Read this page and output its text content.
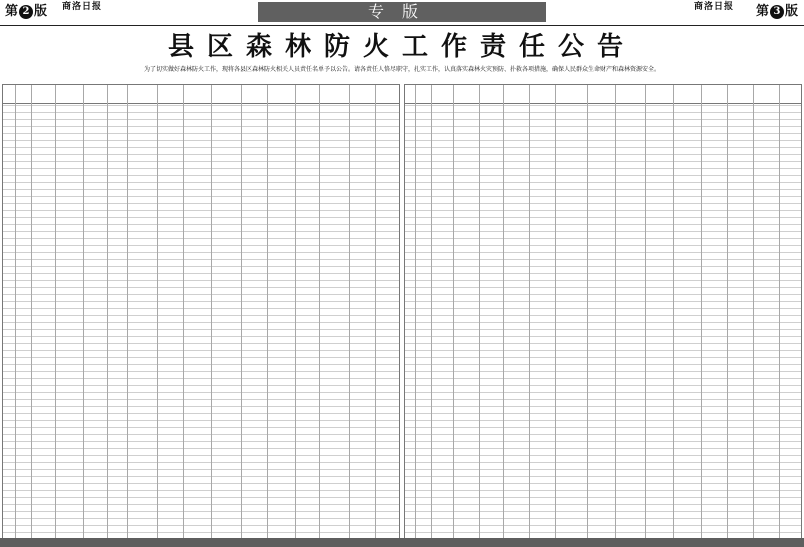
第 2 版 商洛日报	专版	商洛日报	第 3 版
县区森林防火工作责任公告
为了切实做好森林防火工作，现将各县区森林防火相关人员责任名单予以公告。请各责任人恪尽职守，扎实工作，认真落实森林火灾预防、扑救各项措施，确保人民群众生命财产和森林资源安全。
